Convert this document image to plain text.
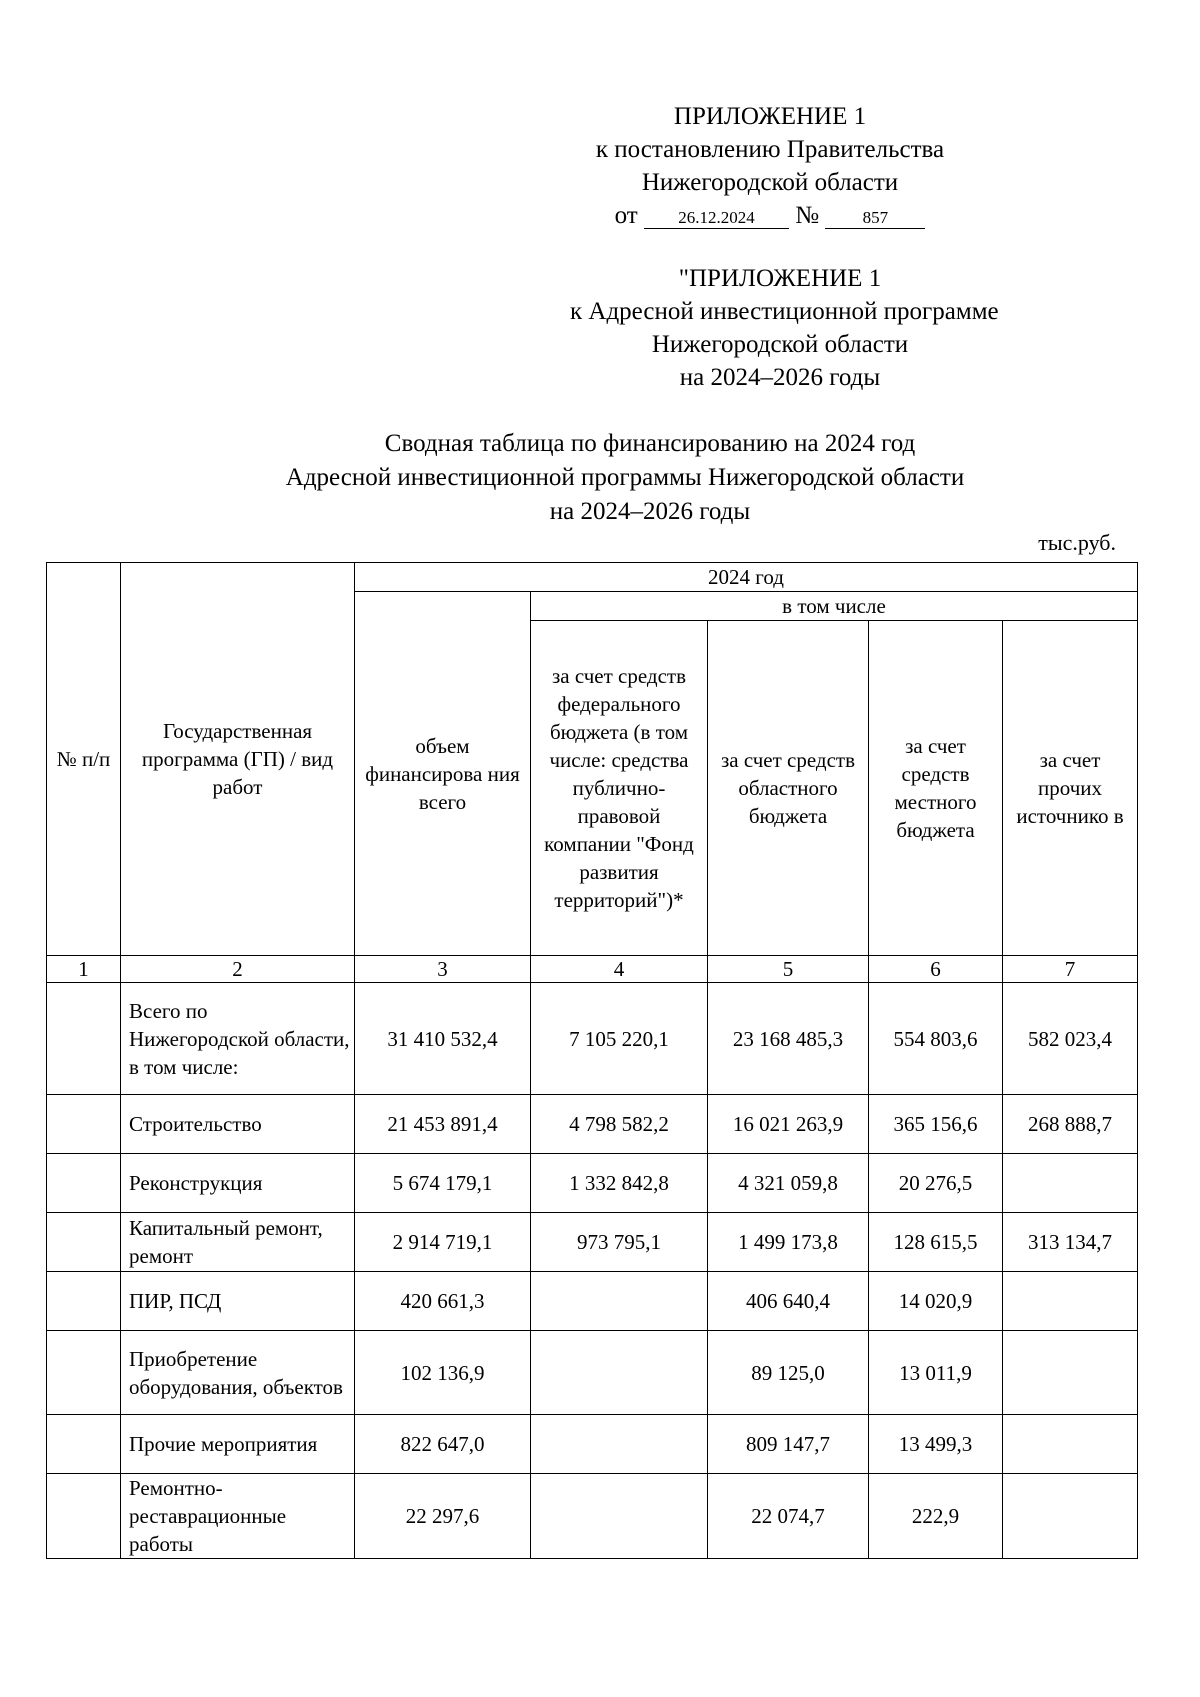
ПРИЛОЖЕНИЕ 1
к постановлению Правительства
Нижегородской области
от 26.12.2024 №	857
"ПРИЛОЖЕНИЕ 1
к Адресной инвестиционной программе
Нижегородской области
на 2024–2026 годы
Сводная таблица по финансированию на 2024 год
Адресной инвестиционной программы Нижегородской области
на 2024–2026 годы
тыс.руб.
№ п/п	Государственная программа (ГП) / вид работ	2024 год				
		объем финансирова ния всего	в том числе			
			за счет средств федерального бюджета (в том числе: средства публично-правовой компании "Фонд развития территорий")*	за счет средств областного бюджета	за счет средств местного бюджета	за счет прочих источнико в
1	2	3	4	5	6	7
	Всего по Нижегородской области, в том числе:	31 410 532,4	7 105 220,1	23 168 485,3	554 803,6	582 023,4
	Строительство	21 453 891,4	4 798 582,2	16 021 263,9	365 156,6	268 888,7
	Реконструкция	5 674 179,1	1 332 842,8	4 321 059,8	20 276,5	
	Капитальный ремонт, ремонт	2 914 719,1	973 795,1	1 499 173,8	128 615,5	313 134,7
	ПИР, ПСД	420 661,3		406 640,4	14 020,9	
	Приобретение оборудования, объектов	102 136,9		89 125,0	13 011,9	
	Прочие мероприятия	822 647,0		809 147,7	13 499,3	
	Ремонтно-реставрационные работы	22 297,6		22 074,7	222,9	
